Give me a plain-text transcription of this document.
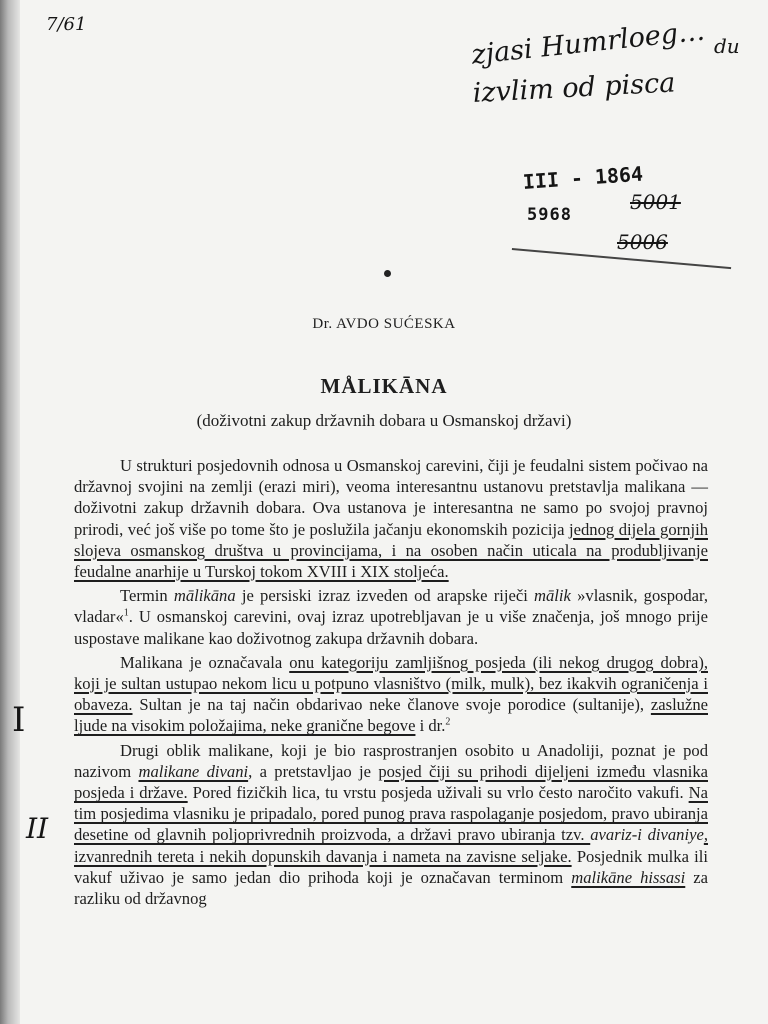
7/61	zjasi Humrloeg…
izvlim od pisca
du
III - 1864
5968
5001
5006
I
II
Dr. AVDO SUĆESKA
MÅLIKĀNA
(doživotni zakup državnih dobara u Osmanskoj državi)

U strukturi posjedovnih odnosa u Osmanskoj carevini, čiji je feudalni sistem počivao na državnoj svojini na zemlji (erazi miri), veoma interesantnu ustanovu pretstavlja malikana — doživotni zakup državnih dobara. Ova ustanova je interesantna ne samo po svojoj pravnoj prirodi, već još više po tome što je poslužila jačanju ekonomskih pozicija jednog dijela gornjih slojeva osmanskog društva u provincijama, i na osoben način uticala na produbljivanje feudalne anarhije u Turskoj tokom XVIII i XIX stoljeća.

Termin mālikāna je persiski izraz izveden od arapske riječi mālik »vlasnik, gospodar, vladar«$^1$. U osmanskoj carevini, ovaj izraz upotrebljavan je u više značenja, još mnogo prije uspostave malikane kao doživotnog zakupa državnih dobara.

Malikana je označavala onu kategoriju zamljišnog posjeda (ili nekog drugog dobra), koji je sultan ustupao nekom licu u potpuno vlasništvo (milk, mulk), bez ikakvih ograničenja i obaveza. Sultan je na taj način obdarivao neke članove svoje porodice (sultanije), zaslužne ljude na visokim položajima, neke granične begove i dr.$^2$

Drugi oblik malikane, koji je bio rasprostranjen osobito u Anadoliji, poznat je pod nazivom malikane divani, a pretstavljao je posjed čiji su prihodi dijeljeni između vlasnika posjeda i države. Pored fizičkih lica, tu vrstu posjeda uživali su vrlo često naročito vakufi. Na tim posjedima vlasniku je pripadalo, pored punog prava raspolaganje posjedom, pravo ubiranja desetine od glavnih poljoprivrednih proizvoda, a državi pravo ubiranja tzv. avariz-i divaniye, izvanrednih tereta i nekih dopunskih davanja i nameta na zavisne seljake. Posjednik mulka ili vakuf uživao je samo jedan dio prihoda koji je označavan terminom malikāne hissasi za razliku od državnog
